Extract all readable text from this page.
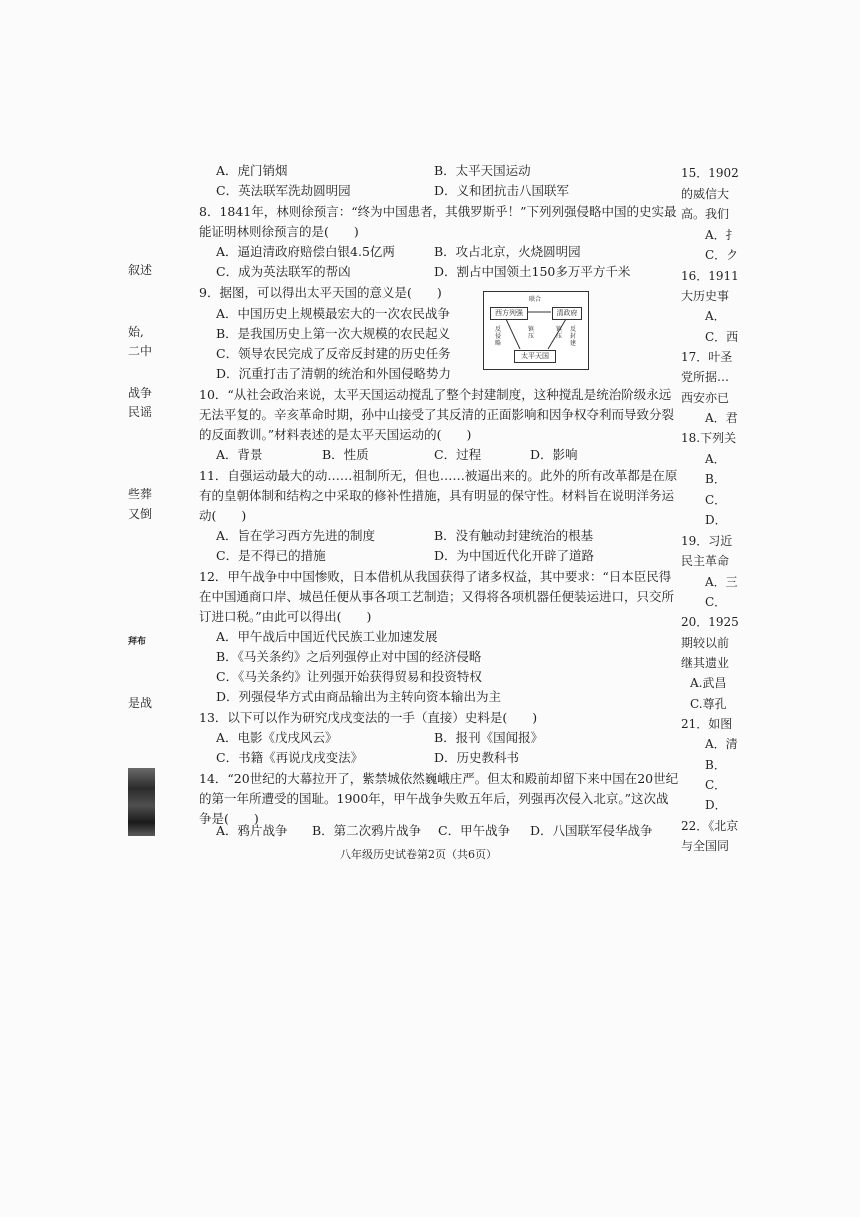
叙述
始,
二中
战争
民谣
些葬
又倒
拜布
是战
A．虎门销烟	B．太平天国运动
C．英法联军洗劫圆明园	D．义和团抗击八国联军
8．1841年，林则徐预言：“终为中国患者，其俄罗斯乎！”下列列强侵略中国的史实最
能证明林则徐预言的是(　　)
A．逼迫清政府赔偿白银4.5亿两	B．攻占北京，火烧圆明园
C．成为英法联军的帮凶	D．割占中国领土150多万平方千米
9．据图，可以得出太平天国的意义是(　　)
A．中国历史上规模最宏大的一次农民战争
B．是我国历史上第一次大规模的农民起义
C．领导农民完成了反帝反封建的历史任务
D．沉重打击了清朝的统治和外国侵略势力
西方列强	清政府
太平天国
联合
反侵略
镇压
镇压
反封建
10．“从社会政治来说，太平天国运动搅乱了整个封建制度，这种搅乱是统治阶级永远
无法平复的。辛亥革命时期，孙中山接受了其反清的正面影响和因争权夺利而导致分裂
的反面教训。”材料表述的是太平天国运动的(　　)
A．背景	B．性质	C．过程	D．影响
11．自强运动最大的动……祖制所无，但也……被逼出来的。此外的所有改革都是在原
有的皇朝体制和结构之中采取的修补性措施，具有明显的保守性。材料旨在说明洋务运
动(　　)
A．旨在学习西方先进的制度	B．没有触动封建统治的根基
C．是不得已的措施	D．为中国近代化开辟了道路
12．甲午战争中中国惨败，日本借机从我国获得了诸多权益，其中要求：“日本臣民得
在中国通商口岸、城邑任便从事各项工艺制造；又得将各项机器任便装运进口，只交所
订进口税。”由此可以得出(　　)
A．甲午战后中国近代民族工业加速发展
B．《马关条约》之后列强停止对中国的经济侵略
C．《马关条约》让列强开始获得贸易和投资特权
D．列强侵华方式由商品输出为主转向资本输出为主
13．以下可以作为研究戊戌变法的一手（直接）史料是(　　)
A．电影《戊戌风云》	B．报刊《国闻报》
C．书籍《再说戊戌变法》	D．历史教科书
14．“20世纪的大幕拉开了，紫禁城依然巍峨庄严。但太和殿前却留下来中国在20世纪
的第一年所遭受的国耻。1900年，甲午战争失败五年后，列强再次侵入北京。”这次战
争是(　　)
A．鸦片战争 B．第二次鸦片战争 C．甲午战争 D．八国联军侵华战争
八年级历史试卷第2页（共6页）
15．1902
的威信大
高。我们
A．扌
C．ク
16．1911
大历史事
A．
C．西
17．叶圣
党所据…
西安亦已
A．君
18.下列关
A．
B．
C．
D．
19．习近
民主革命
A．三
C．
20．1925
期较以前
继其遗业
A.武昌
C.尊孔
21．如图
A．清
B．
C．
D．
22．《北京
与全国同
